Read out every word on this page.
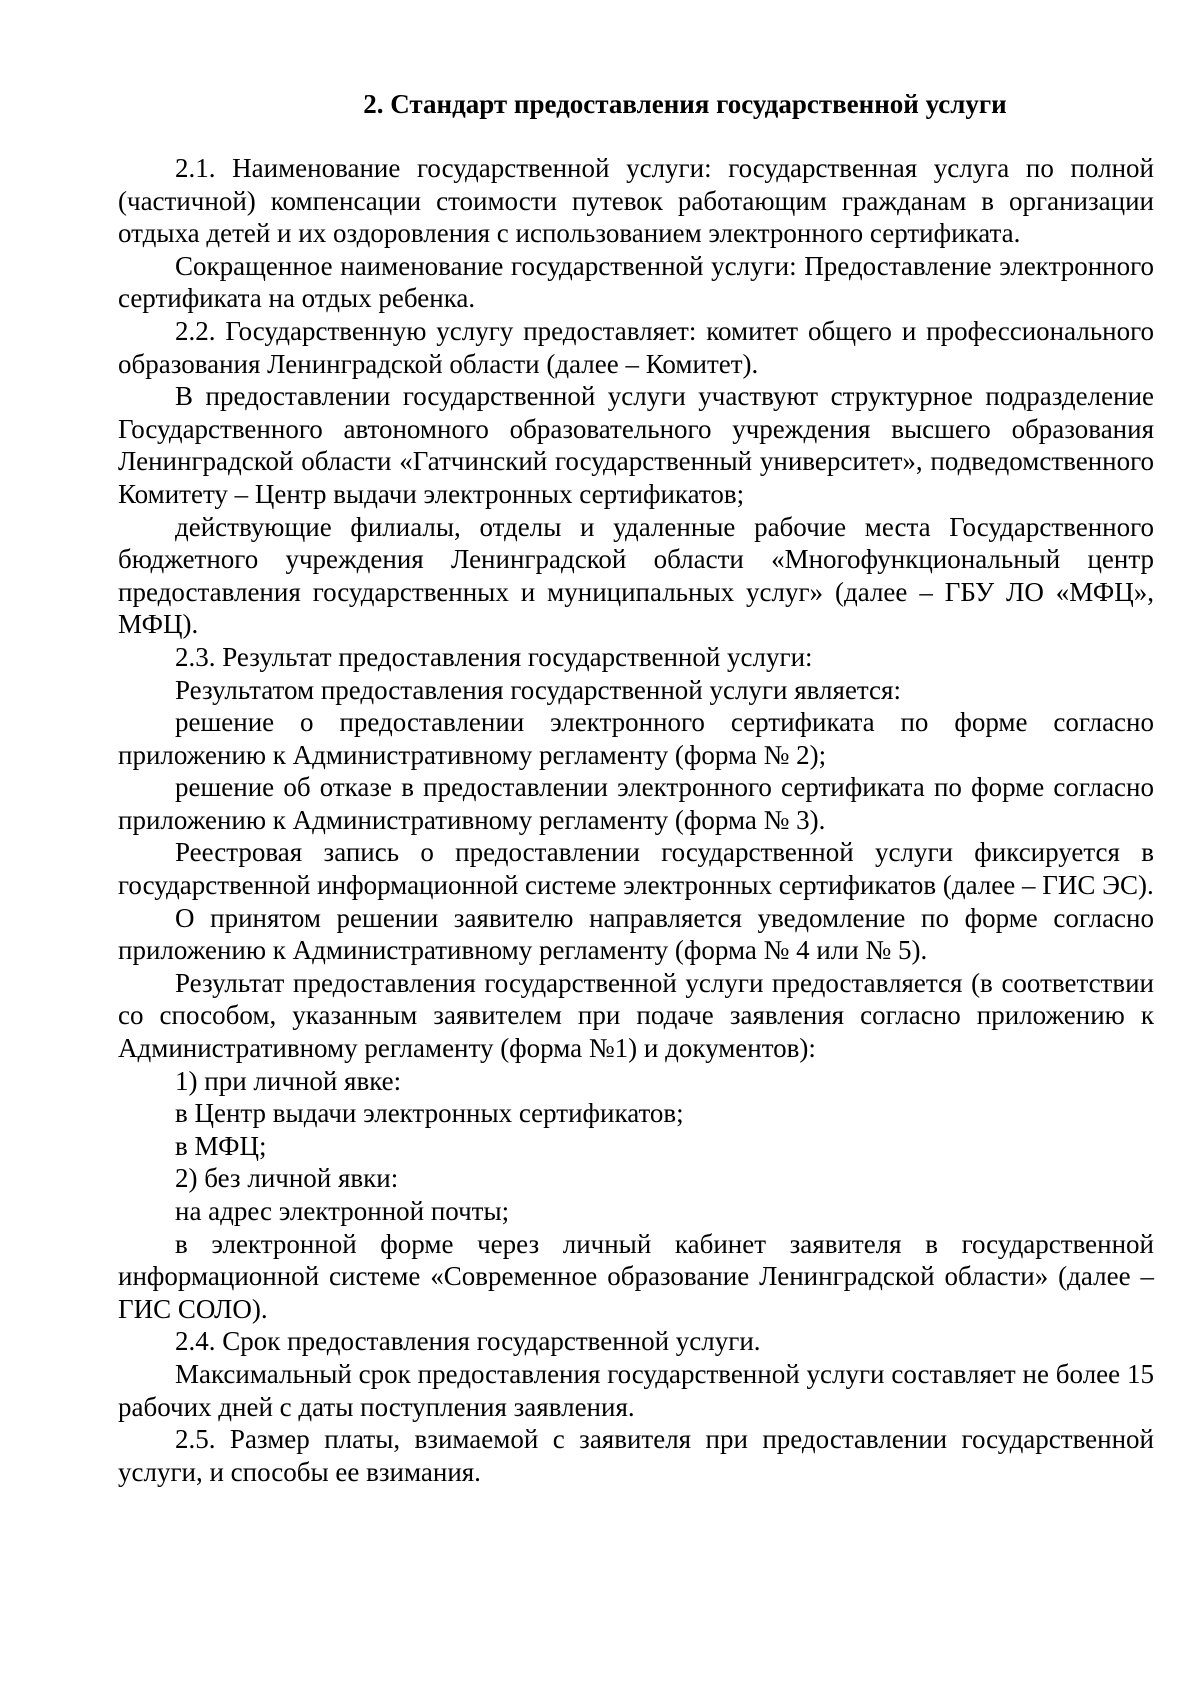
2. Стандарт предоставления государственной услуги

2.1. Наименование государственной услуги: государственная услуга по полной (частичной) компенсации стоимости путевок работающим гражданам в организации отдыха детей и их оздоровления с использованием электронного сертификата.

Сокращенное наименование государственной услуги: Предоставление электронного сертификата на отдых ребенка.

2.2. Государственную услугу предоставляет: комитет общего и профессионального образования Ленинградской области (далее – Комитет).

В предоставлении государственной услуги участвуют структурное подразделение Государственного автономного образовательного учреждения высшего образования Ленинградской области «Гатчинский государственный университет», подведомственного Комитету – Центр выдачи электронных сертификатов;

действующие филиалы, отделы и удаленные рабочие места Государственного бюджетного учреждения Ленинградской области «Многофункциональный центр предоставления государственных и муниципальных услуг» (далее – ГБУ ЛО «МФЦ», МФЦ).

2.3. Результат предоставления государственной услуги:

Результатом предоставления государственной услуги является:

решение о предоставлении электронного сертификата по форме согласно приложению к Административному регламенту (форма № 2);

решение об отказе в предоставлении электронного сертификата по форме согласно приложению к Административному регламенту (форма № 3).

Реестровая запись о предоставлении государственной услуги фиксируется в государственной информационной системе электронных сертификатов (далее – ГИС ЭС).

О принятом решении заявителю направляется уведомление по форме согласно приложению к Административному регламенту (форма № 4 или № 5).

Результат предоставления государственной услуги предоставляется (в соответствии со способом, указанным заявителем при подаче заявления согласно приложению к Административному регламенту (форма №1) и документов):

1) при личной явке:

в Центр выдачи электронных сертификатов;

в МФЦ;

2) без личной явки:

на адрес электронной почты;

в электронной форме через личный кабинет заявителя в государственной информационной системе «Современное образование Ленинградской области» (далее – ГИС СОЛО).

2.4. Срок предоставления государственной услуги.

Максимальный срок предоставления государственной услуги составляет не более 15 рабочих дней с даты поступления заявления.

2.5. Размер платы, взимаемой с заявителя при предоставлении государственной услуги, и способы ее взимания.
